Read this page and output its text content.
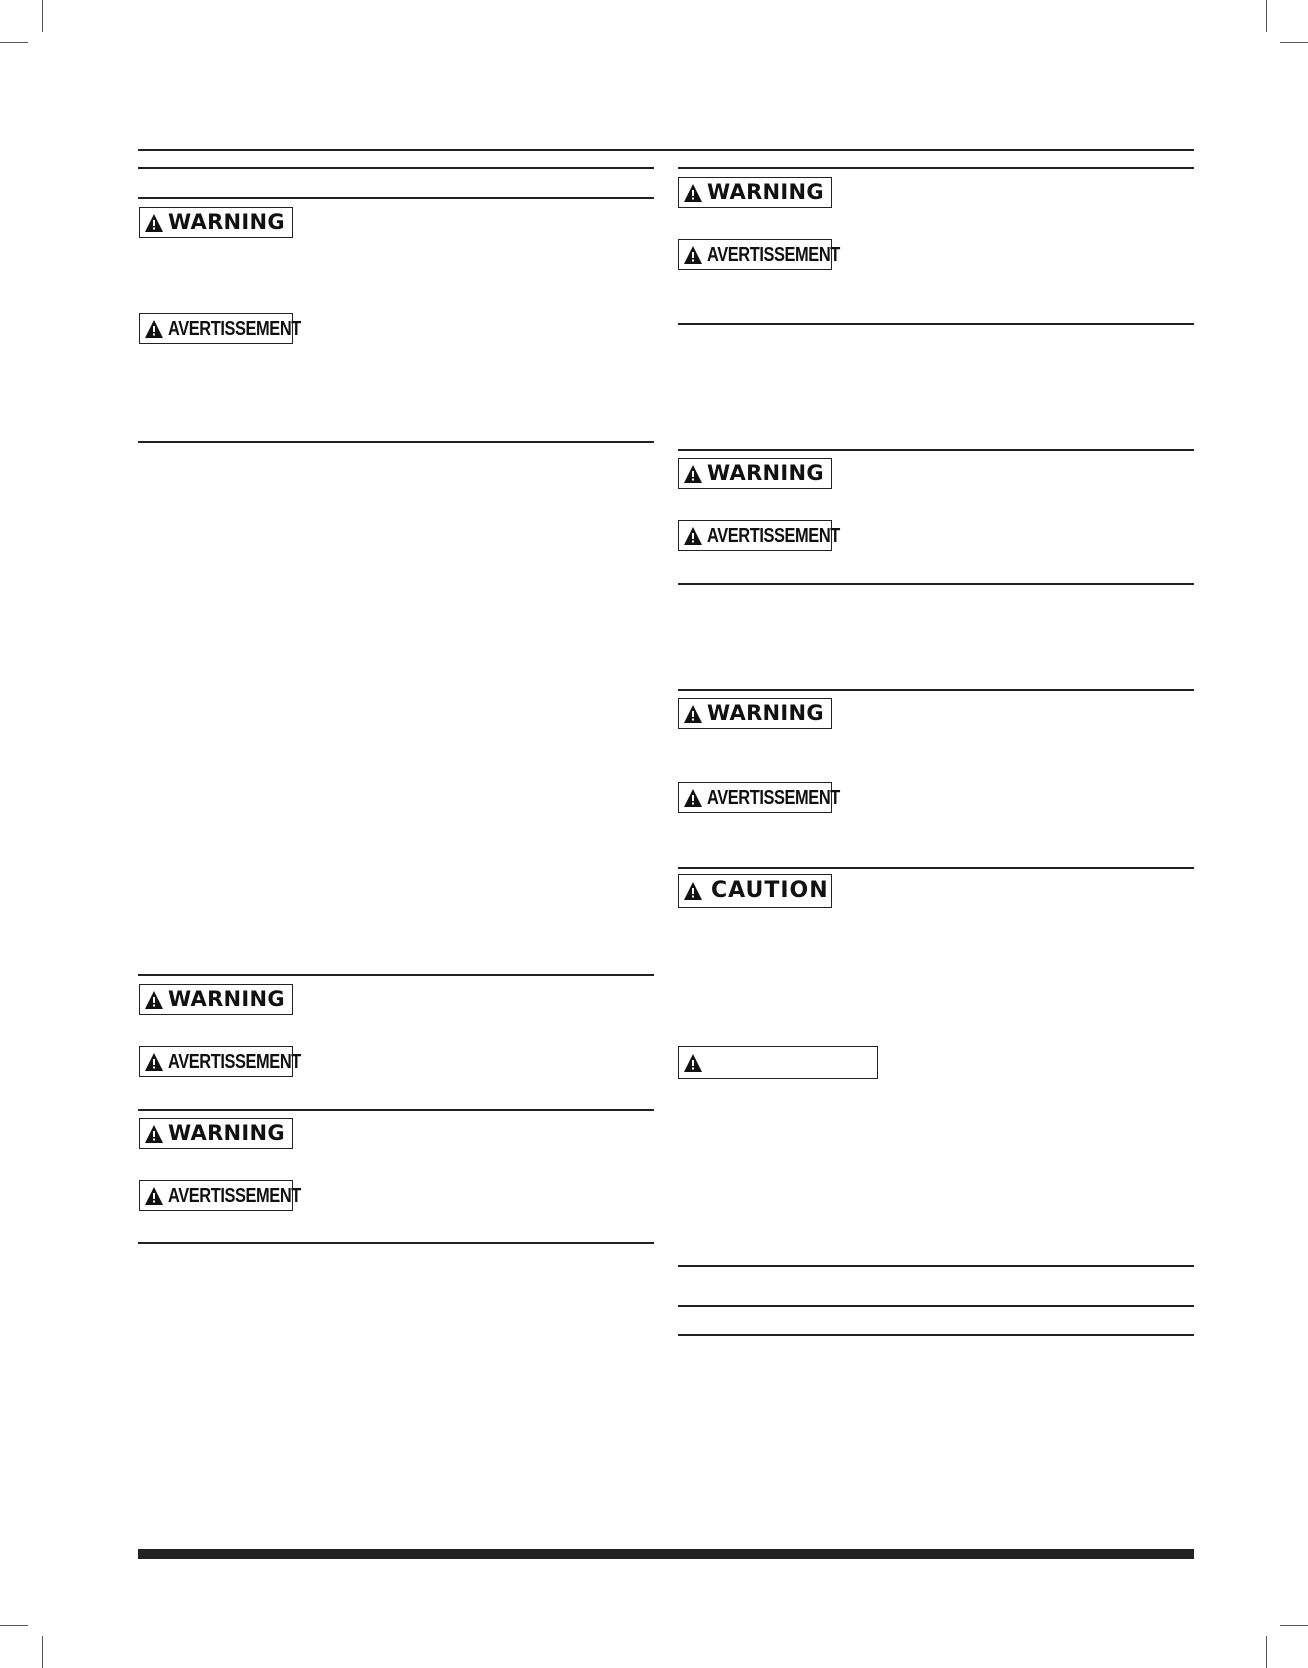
WARNING
AVERTISSEMENT
WARNING
AVERTISSEMENT
WARNING
AVERTISSEMENT
WARNING
AVERTISSEMENT
WARNING
AVERTISSEMENT
WARNING
AVERTISSEMENT
CAUTION
